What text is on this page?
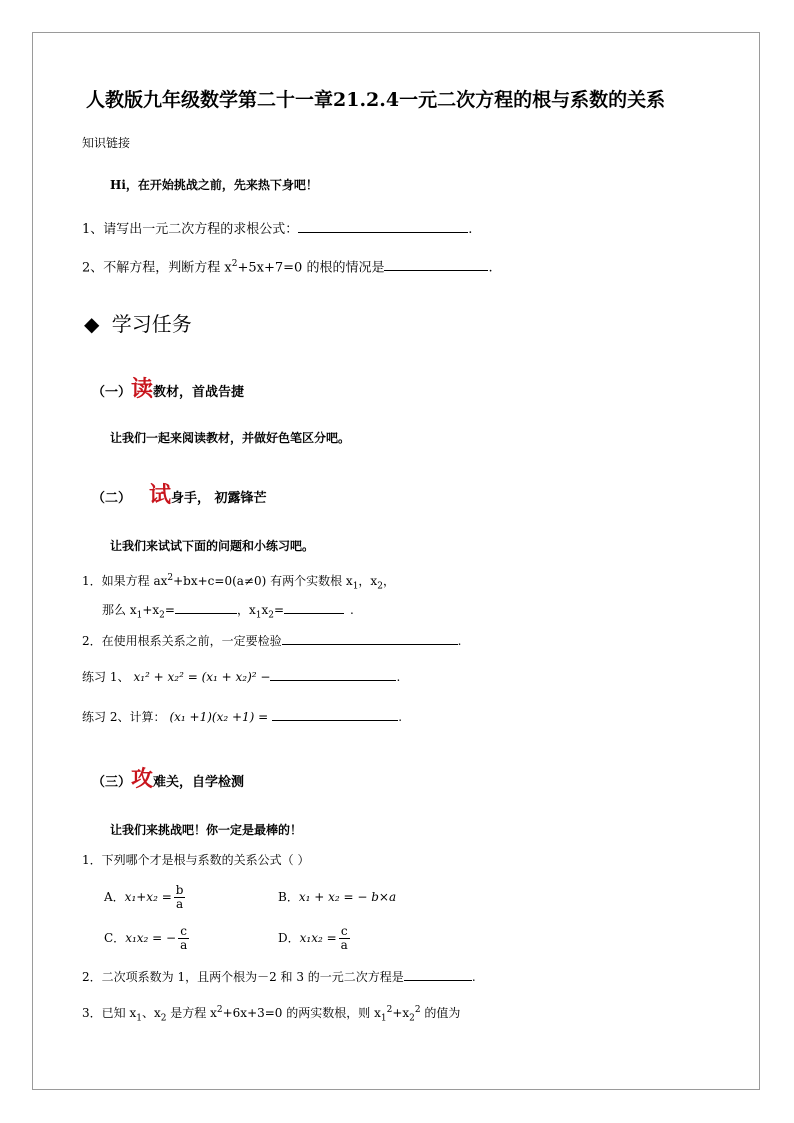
人教版九年级数学第二十一章21.2.4一元二次方程的根与系数的关系
知识链接
Hi，在开始挑战之前，先来热下身吧！
1、请写出一元二次方程的求根公式：	.
2、不解方程，判断方程 $x^2+5x+7=0$ 的根的情况是	.
◆ 学习任务
（一）读教材，首战告捷
让我们一起来阅读教材，并做好色笔区分吧。
（二） 试身手， 初露锋芒
让我们来试试下面的问题和小练习吧。
1．如果方程 $ax^2+bx+c=0(a\ne 0)$ 有两个实数根 $x_1$，$x_2$，
那么 $x_1+x_2=$	，$x_1x_2=$	.
2．在使用根系关系之前，一定要检验	.
练习 1、 x₁² + x₂² = (x₁ + x₂)² −	.
练习 2、计算： (x₁ +1)(x₂ +1) =	.
（三）攻难关，自学检测
让我们来挑战吧！你一定是最棒的！
1．下列哪个才是根与系数的关系公式（ ）
A．$x_1+x_2 = \frac{b}{a}$	B．x₁ + x₂ = − b×a
C．x₁x₂ = − $\frac{c}{a}$	D．$x_1x_2 = \frac{c}{a}$
2．二次项系数为 1，且两个根为－2 和 3 的一元二次方程是	.
3．已知 $x_1$、$x_2$ 是方程 $x^2+6x+3=0$ 的两实数根，则 $x_1^2+x_2^2$ 的值为
